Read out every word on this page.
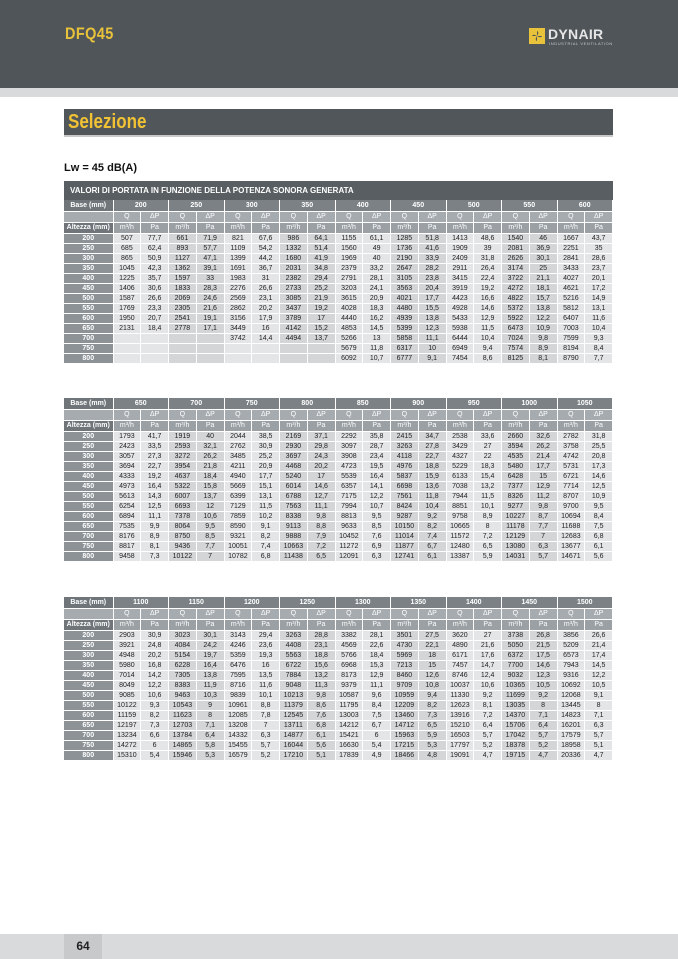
DFQ45	DYNAIR
INDUSTRIAL VENTILATION
Selezione
Lw = 45 dB(A)
VALORI DI PORTATA IN FUNZIONE DELLA POTENZA SONORA GENERATA
Base (mm)	200		250		300		350		400		450		500		550		600	
	Q	ΔP	Q	ΔP	Q	ΔP	Q	ΔP	Q	ΔP	Q	ΔP	Q	ΔP	Q	ΔP	Q	ΔP
Altezza (mm)	m³/h	Pa	m³/h	Pa	m³/h	Pa	m³/h	Pa	m³/h	Pa	m³/h	Pa	m³/h	Pa	m³/h	Pa	m³/h	Pa
200	507	77,7	661	71,9	821	67,6	986	64,1	1155	61,1	1285	51,8	1413	48,6	1540	46	1667	43,7
250	685	62,4	893	57,7	1109	54,2	1332	51,4	1560	49	1736	41,6	1909	39	2081	36,9	2251	35
300	865	50,9	1127	47,1	1399	44,2	1680	41,9	1969	40	2190	33,9	2409	31,8	2626	30,1	2841	28,6
350	1045	42,3	1362	39,1	1691	36,7	2031	34,8	2379	33,2	2647	28,2	2911	26,4	3174	25	3433	23,7
400	1225	35,7	1597	33	1983	31	2382	29,4	2791	28,1	3105	23,8	3415	22,4	3722	21,1	4027	20,1
450	1406	30,6	1833	28,3	2276	26,6	2733	25,2	3203	24,1	3563	20,4	3919	19,2	4272	18,1	4621	17,2
500	1587	26,6	2069	24,6	2569	23,1	3085	21,9	3615	20,9	4021	17,7	4423	16,6	4822	15,7	5216	14,9
550	1769	23,3	2305	21,6	2862	20,2	3437	19,2	4028	18,3	4480	15,5	4928	14,6	5372	13,8	5812	13,1
600	1950	20,7	2541	19,1	3156	17,9	3789	17	4440	16,2	4939	13,8	5433	12,9	5922	12,2	6407	11,6
650	2131	18,4	2778	17,1	3449	16	4142	15,2	4853	14,5	5399	12,3	5938	11,5	6473	10,9	7003	10,4
700					3742	14,4	4494	13,7	5266	13	5858	11,1	6444	10,4	7024	9,8	7599	9,3
750									5679	11,8	6317	10	6949	9,4	7574	8,9	8194	8,4
800									6092	10,7	6777	9,1	7454	8,6	8125	8,1	8790	7,7
Base (mm)	650		700		750		800		850		900		950		1000		1050	
	Q	ΔP	Q	ΔP	Q	ΔP	Q	ΔP	Q	ΔP	Q	ΔP	Q	ΔP	Q	ΔP	Q	ΔP
Altezza (mm)	m³/h	Pa	m³/h	Pa	m³/h	Pa	m³/h	Pa	m³/h	Pa	m³/h	Pa	m³/h	Pa	m³/h	Pa	m³/h	Pa
200	1793	41,7	1919	40	2044	38,5	2169	37,1	2292	35,8	2415	34,7	2538	33,6	2660	32,6	2782	31,8
250	2423	33,5	2593	32,1	2762	30,9	2930	29,8	3097	28,7	3263	27,8	3429	27	3594	26,2	3758	25,5
300	3057	27,3	3272	26,2	3485	25,2	3697	24,3	3908	23,4	4118	22,7	4327	22	4535	21,4	4742	20,8
350	3694	22,7	3954	21,8	4211	20,9	4468	20,2	4723	19,5	4976	18,8	5229	18,3	5480	17,7	5731	17,3
400	4333	19,2	4637	18,4	4940	17,7	5240	17	5539	16,4	5837	15,9	6133	15,4	6428	15	6721	14,6
450	4973	16,4	5322	15,8	5669	15,1	6014	14,6	6357	14,1	6698	13,6	7038	13,2	7377	12,9	7714	12,5
500	5613	14,3	6007	13,7	6399	13,1	6788	12,7	7175	12,2	7561	11,8	7944	11,5	8326	11,2	8707	10,9
550	6254	12,5	6693	12	7129	11,5	7563	11,1	7994	10,7	8424	10,4	8851	10,1	9277	9,8	9700	9,5
600	6894	11,1	7378	10,6	7859	10,2	8338	9,8	8813	9,5	9287	9,2	9758	8,9	10227	8,7	10694	8,4
650	7535	9,9	8064	9,5	8590	9,1	9113	8,8	9633	8,5	10150	8,2	10665	8	11178	7,7	11688	7,5
700	8176	8,9	8750	8,5	9321	8,2	9888	7,9	10452	7,6	11014	7,4	11572	7,2	12129	7	12683	6,8
750	8817	8,1	9436	7,7	10051	7,4	10663	7,2	11272	6,9	11877	6,7	12480	6,5	13080	6,3	13677	6,1
800	9458	7,3	10122	7	10782	6,8	11438	6,5	12091	6,3	12741	6,1	13387	5,9	14031	5,7	14671	5,6
Base (mm)	1100		1150		1200		1250		1300		1350		1400		1450		1500	
	Q	ΔP	Q	ΔP	Q	ΔP	Q	ΔP	Q	ΔP	Q	ΔP	Q	ΔP	Q	ΔP	Q	ΔP
Altezza (mm)	m³/h	Pa	m³/h	Pa	m³/h	Pa	m³/h	Pa	m³/h	Pa	m³/h	Pa	m³/h	Pa	m³/h	Pa	m³/h	Pa
200	2903	30,9	3023	30,1	3143	29,4	3263	28,8	3382	28,1	3501	27,5	3620	27	3738	26,8	3856	26,6
250	3921	24,8	4084	24,2	4246	23,6	4408	23,1	4569	22,6	4730	22,1	4890	21,6	5050	21,5	5209	21,4
300	4948	20,2	5154	19,7	5359	19,3	5563	18,8	5766	18,4	5969	18	6171	17,6	6372	17,5	6573	17,4
350	5980	16,8	6228	16,4	6476	16	6722	15,6	6968	15,3	7213	15	7457	14,7	7700	14,6	7943	14,5
400	7014	14,2	7305	13,8	7595	13,5	7884	13,2	8173	12,9	8460	12,6	8746	12,4	9032	12,3	9316	12,2
450	8049	12,2	8383	11,9	8716	11,6	9048	11,3	9379	11,1	9709	10,8	10037	10,6	10365	10,5	10692	10,5
500	9085	10,6	9463	10,3	9839	10,1	10213	9,8	10587	9,6	10959	9,4	11330	9,2	11699	9,2	12068	9,1
550	10122	9,3	10543	9	10961	8,8	11379	8,6	11795	8,4	12209	8,2	12623	8,1	13035	8	13445	8
600	11159	8,2	11623	8	12085	7,8	12545	7,6	13003	7,5	13460	7,3	13916	7,2	14370	7,1	14823	7,1
650	12197	7,3	12703	7,1	13208	7	13711	6,8	14212	6,7	14712	6,5	15210	6,4	15706	6,4	16201	6,3
700	13234	6,6	13784	6,4	14332	6,3	14877	6,1	15421	6	15963	5,9	16503	5,7	17042	5,7	17579	5,7
750	14272	6	14865	5,8	15455	5,7	16044	5,6	16630	5,4	17215	5,3	17797	5,2	18378	5,2	18958	5,1
800	15310	5,4	15946	5,3	16579	5,2	17210	5,1	17839	4,9	18466	4,8	19091	4,7	19715	4,7	20336	4,7
64
